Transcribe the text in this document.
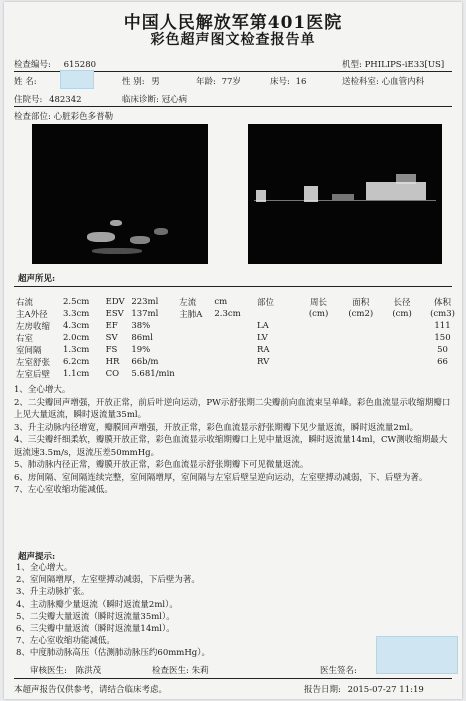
中国人民解放军第401医院
彩色超声图文检查报告单
检查编号: 615280	机型: PHILIPS-iE33[US]
姓 名:	性 别: 男	年龄: 77岁	床号: 16	送检科室: 心血管内科
住院号: 482342	临床诊断: 冠心病
检查部位: 心脏彩色多普勒
超声所见:
右流	2.5cm	EDV	223ml	左流	cm	部位	周长	面积	长径	体积
主A外径	3.3cm	ESV	137ml	主肺A	2.3cm		(cm)	(cm2)	(cm)	(cm3)
左房收缩	4.3cm	EF	38%			LA				111
右室	2.0cm	SV	86ml			LV				150
室间隔	1.3cm	FS	19%			RA				50
左室舒张	6.2cm	HR	66b/m			RV				66
左室后壁	1.1cm	CO	5.681/min							
1、全心增大。
2、二尖瓣回声增强，开放正常，前后叶逆向运动，PW示舒张期二尖瓣前向血流束呈单峰。彩色血流显示收缩期瓣口上见大量返流，瞬时返流量35ml。
3、升主动脉内径增宽，瓣膜回声增强，开放正常，彩色血流显示舒张期瓣下见少量返流，瞬时返流量2ml。
4、三尖瓣纤细柔软，瓣膜开放正常，彩色血流显示收缩期瓣口上见中量返流，瞬时返流量14ml，CW测收缩期最大返流速3.5m/s，返流压差50mmHg。
5、肺动脉内径正常，瓣膜开放正常，彩色血流显示舒张期瓣下可见微量返流。
6、房间隔、室间隔连续完整，室间隔增厚，室间隔与左室后壁呈逆向运动，左室壁搏动减弱，下、后壁为著。
7、左心室收缩功能减低。
超声提示:
1、全心增大。
2、室间隔增厚，左室壁搏动减弱，下后壁为著。
3、升主动脉扩张。
4、主动脉瓣少量返流（瞬时返流量2ml）。
5、二尖瓣大量返流（瞬时返流量35ml）。
6、三尖瓣中量返流（瞬时返流量14ml）。
7、左心室收缩功能减低。
8、中度肺动脉高压（估测肺动脉压约60mmHg）。
审核医生: 陈洪茂	检查医生: 朱莉	医生签名:
本超声报告仅供参考，请结合临床考虑。	报告日期: 2015-07-27 11:19
